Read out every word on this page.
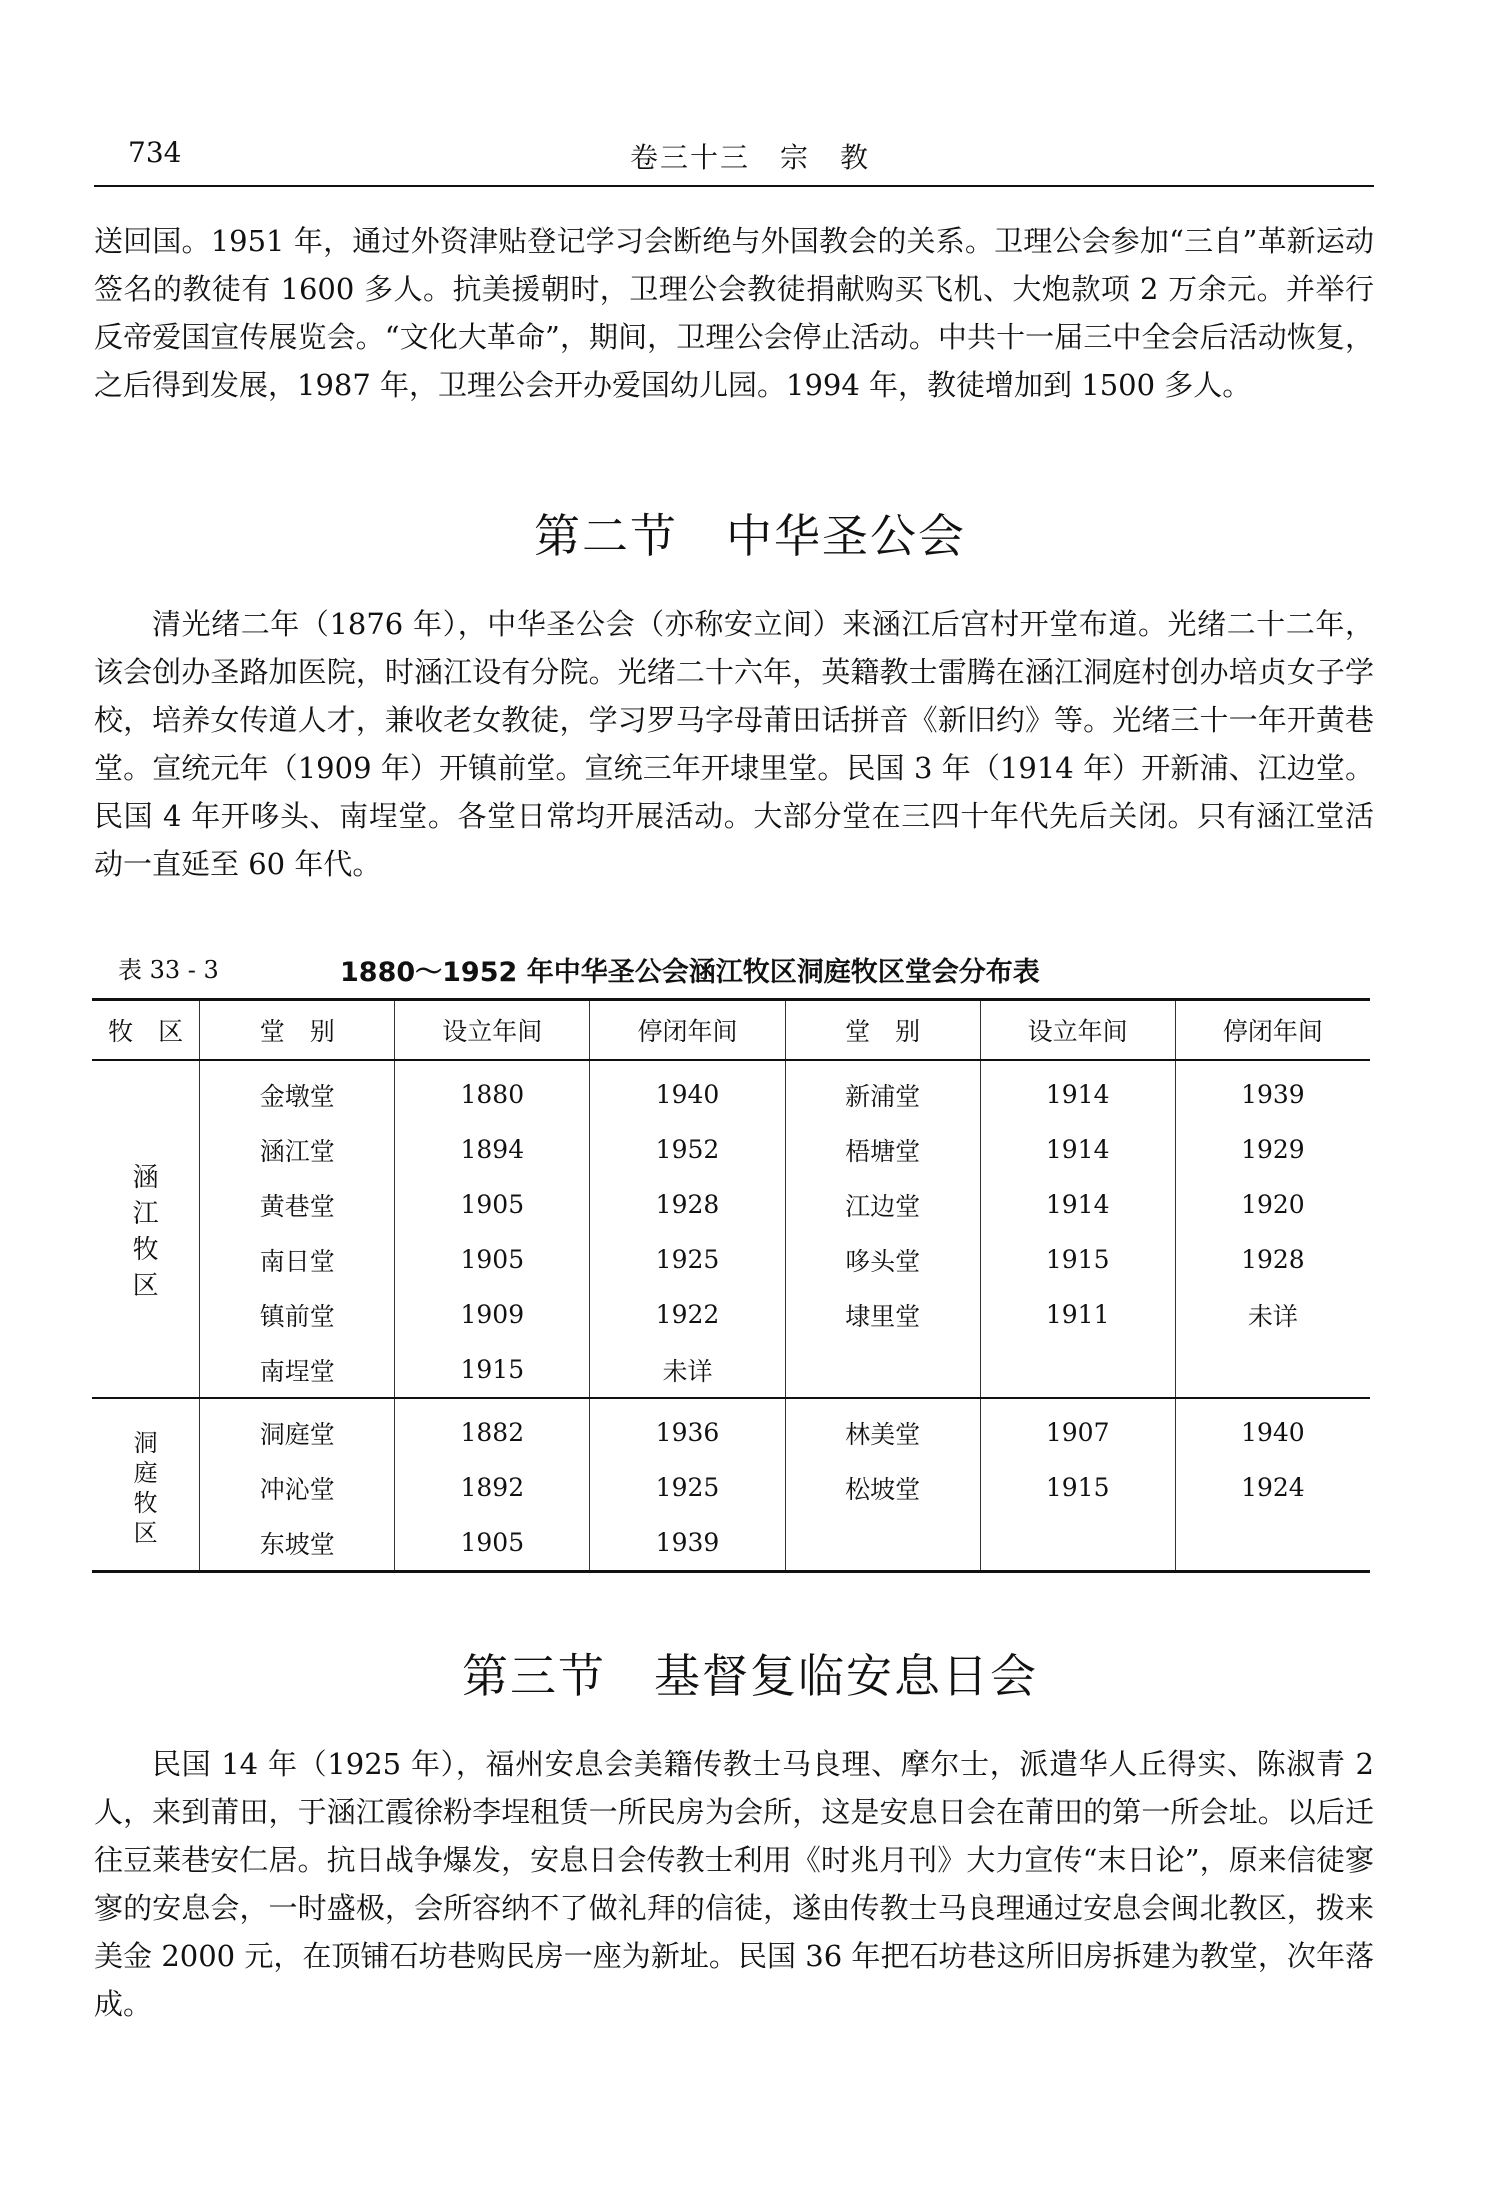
734	卷三十三　宗　教

送回国。1951 年，通过外资津贴登记学习会断绝与外国教会的关系。卫理公会参加“三自”革新运动签名的教徒有 1600 多人。抗美援朝时，卫理公会教徒捐献购买飞机、大炮款项 2 万余元。并举行反帝爱国宣传展览会。“文化大革命”，期间，卫理公会停止活动。中共十一届三中全会后活动恢复，之后得到发展，1987 年，卫理公会开办爱国幼儿园。1994 年，教徒增加到 1500 多人。

第二节　中华圣公会

清光绪二年（1876 年），中华圣公会（亦称安立间）来涵江后宫村开堂布道。光绪二十二年，该会创办圣路加医院，时涵江设有分院。光绪二十六年，英籍教士雷腾在涵江洞庭村创办培贞女子学校，培养女传道人才，兼收老女教徒，学习罗马字母莆田话拼音《新旧约》等。光绪三十一年开黄巷堂。宣统元年（1909 年）开镇前堂。宣统三年开埭里堂。民国 3 年（1914 年）开新浦、江边堂。民国 4 年开哆头、南埕堂。各堂日常均开展活动。大部分堂在三四十年代先后关闭。只有涵江堂活动一直延至 60 年代。

表 33 - 3	1880～1952 年中华圣公会涵江牧区洞庭牧区堂会分布表
牧　区	堂　别	设立年间	停闭年间	堂　别	设立年间	停闭年间

涵
江
牧
区	金墩堂	1880	1940	新浦堂	1914	1939
	涵江堂	1894	1952	梧塘堂	1914	1929
	黄巷堂	1905	1928	江边堂	1914	1920
	南日堂	1905	1925	哆头堂	1915	1928
	镇前堂	1909	1922	埭里堂	1911	未详
	南埕堂	1915	未详			

洞
庭
牧
区	洞庭堂	1882	1936	林美堂	1907	1940
	冲沁堂	1892	1925	松坡堂	1915	1924
	东坡堂	1905	1939			
第三节　基督复临安息日会

民国 14 年（1925 年），福州安息会美籍传教士马良理、摩尔士，派遣华人丘得实、陈淑青 2 人，来到莆田，于涵江霞徐粉李埕租赁一所民房为会所，这是安息日会在莆田的第一所会址。以后迁往豆莱巷安仁居。抗日战争爆发，安息日会传教士利用《时兆月刊》大力宣传“末日论”，原来信徒寥寥的安息会，一时盛极，会所容纳不了做礼拜的信徒，遂由传教士马良理通过安息会闽北教区，拨来美金 2000 元，在顶铺石坊巷购民房一座为新址。民国 36 年把石坊巷这所旧房拆建为教堂，次年落成。
